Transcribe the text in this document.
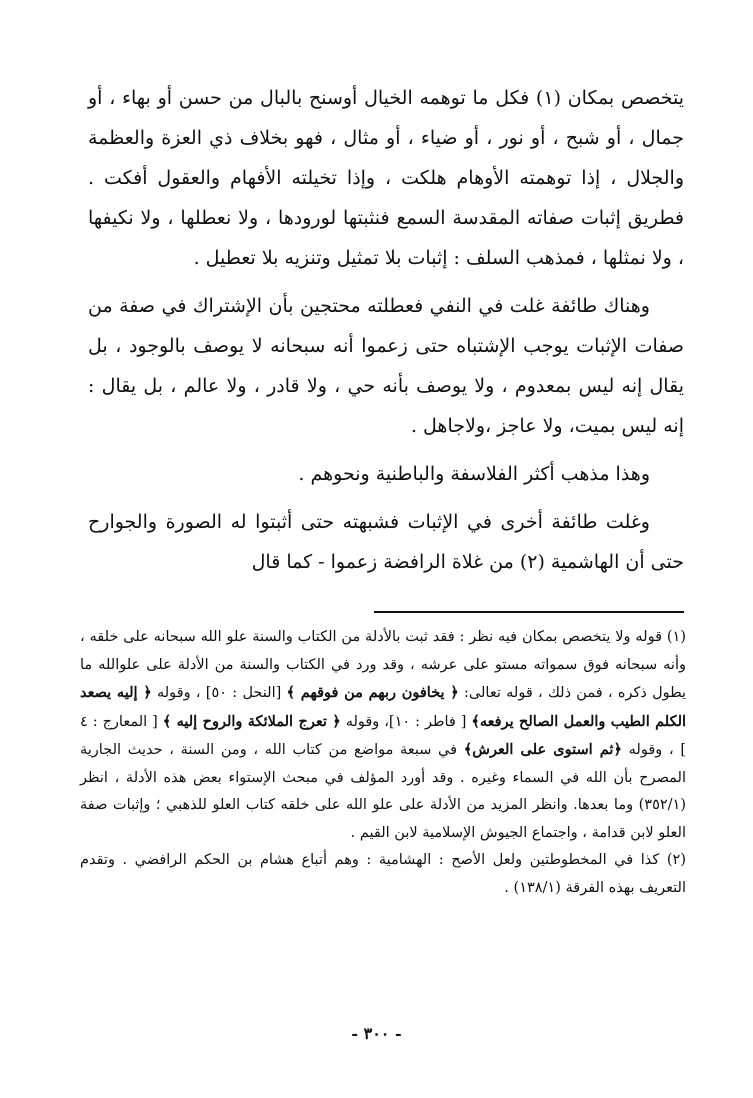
يتخصص بمكان (١) فكل ما توهمه الخيال أوسنح بالبال من حسن أو بهاء ، أو جمال ، أو شبح ، أو نور ، أو ضياء ، أو مثال ، فهو بخلاف ذي العزة والعظمة والجلال ، إذا توهمته الأوهام هلكت ، وإذا تخيلته الأفهام والعقول أفكت . فطريق إثبات صفاته المقدسة السمع فنثبتها لورودها ، ولا نعطلها ، ولا نكيفها ، ولا نمثلها ، فمذهب السلف : إثبات بلا تمثيل وتنزيه بلا تعطيل .

وهناك طائفة غلت في النفي فعطلته محتجين بأن الإشتراك في صفة من صفات الإثبات يوجب الإشتباه حتى زعموا أنه سبحانه لا يوصف بالوجود ، بل يقال إنه ليس بمعدوم ، ولا يوصف بأنه حي ، ولا قادر ، ولا عالم ، بل يقال : إنه ليس بميت، ولا عاجز ،ولاجاهل .

وهذا مذهب أكثر الفلاسفة والباطنية ونحوهم .

وغلت طائفة أخرى في الإثبات فشبهته حتى أثبتوا له الصورة والجوارح حتى أن الهاشمية (٢) من غلاة الرافضة زعموا - كما قال

(١) قوله ولا يتخصص بمكان فيه نظر : فقد ثبت بالأدلة من الكتاب والسنة علو الله سبحانه على خلقه ، وأنه سبحانه فوق سمواته مستو على عرشه ، وقد ورد في الكتاب والسنة من الأدلة على علوالله ما يطول ذكره ، فمن ذلك ، قوله تعالى: ﴿ يخافون ربهم من فوقهم ﴾ [النحل : ٥٠] ، وقوله ﴿ إليه يصعد الكلم الطيب والعمل الصالح يرفعه﴾ [ فاطر : ١٠]، وقوله ﴿ تعرج الملائكة والروح إليه ﴾ [ المعارج : ٤ ] ، وقوله ﴿ثم استوى على العرش﴾ في سبعة مواضع من كتاب الله ، ومن السنة ، حديث الجارية المصرح بأن الله في السماء وغيره . وقد أورد المؤلف في مبحث الإستواء بعض هذه الأدلة ، انظر (٣٥٢/١) وما بعدها. وانظر المزيد من الأدلة على علو الله على خلقه كتاب العلو للذهبي ؛ وإثبات صفة العلو لابن قدامة ، واجتماع الجيوش الإسلامية لابن القيم .

(٢) كذا في المخطوطتين ولعل الأصح : الهشامية : وهم أتباع هشام بن الحكم الرافضي . وتقدم التعريف بهذه الفرقة (١٣٨/١) .

- ٣٠٠ -
